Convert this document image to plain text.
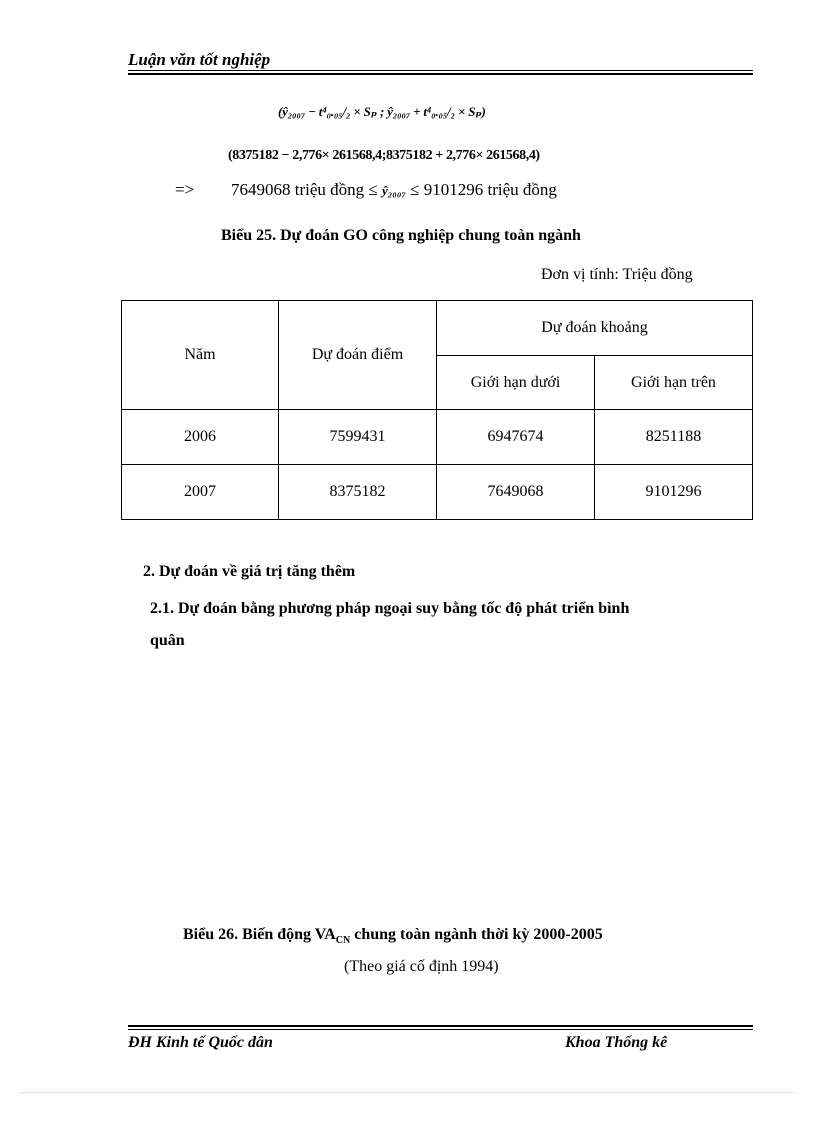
Luận văn tốt nghiệp
(ŷ₂₀₀₇ − t⁴₀.₀₅/₂ × Sₚ ; ŷ₂₀₀₇ + t⁴₀.₀₅/₂ × Sₚ)
(8375182 − 2,776× 261568,4;8375182 + 2,776× 261568,4)
=> 7649068 triệu đồng ≤ ŷ₂₀₀₇ ≤ 9101296 triệu đồng
Biểu 25. Dự đoán GO công nghiệp chung toàn ngành
Đơn vị tính: Triệu đồng
Năm	Dự đoán điểm	Dự đoán khoảng	
		Giới hạn dưới	Giới hạn trên
2006	7599431	6947674	8251188
2007	8375182	7649068	9101296
2. Dự đoán về giá trị tăng thêm
2.1. Dự đoán bằng phương pháp ngoại suy bằng tốc độ phát triển bình
quân
Biểu 26. Biến động $VA_{CN}$ chung toàn ngành thời kỳ 2000-2005
(Theo giá cố định 1994)
ĐH Kinh tế Quốc dân	Khoa Thống kê
